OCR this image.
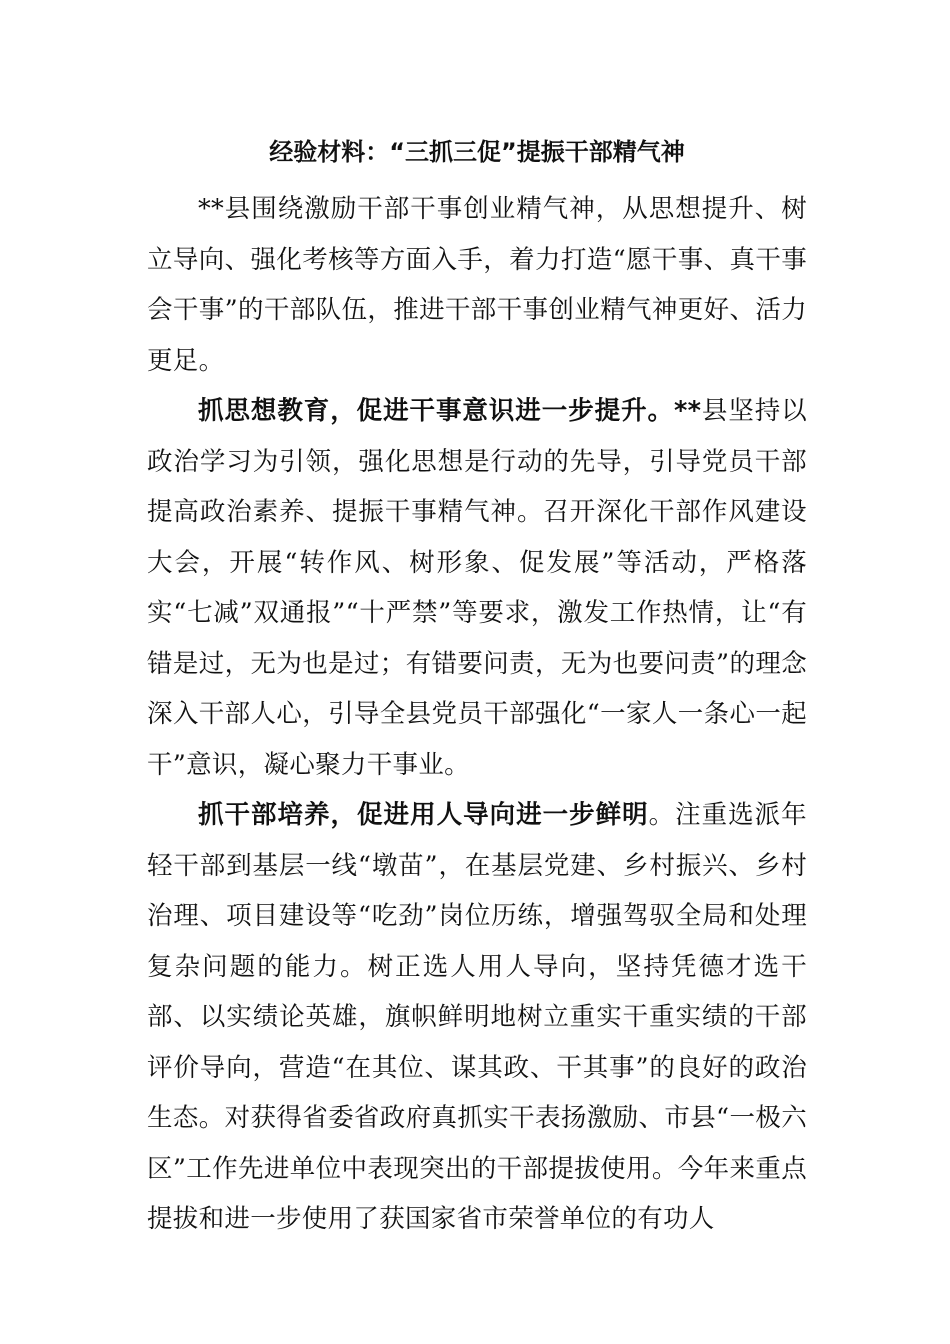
经验材料：“三抓三促”提振干部精气神

**县围绕激励干部干事创业精气神，从思想提升、树立导向、强化考核等方面入手，着力打造“愿干事、真干事会干事”的干部队伍，推进干部干事创业精气神更好、活力更足。

抓思想教育，促进干事意识进一步提升。**县坚持以政治学习为引领，强化思想是行动的先导，引导党员干部提高政治素养、提振干事精气神。召开深化干部作风建设大会，开展“转作风、树形象、促发展”等活动，严格落实“七减”双通报”“十严禁”等要求，激发工作热情，让“有错是过，无为也是过；有错要问责，无为也要问责”的理念深入干部人心，引导全县党员干部强化“一家人一条心一起干”意识，凝心聚力干事业。

抓干部培养，促进用人导向进一步鲜明。注重选派年轻干部到基层一线“墩苗”，在基层党建、乡村振兴、乡村治理、项目建设等“吃劲”岗位历练，增强驾驭全局和处理复杂问题的能力。树正选人用人导向，坚持凭德才选干部、以实绩论英雄，旗帜鲜明地树立重实干重实绩的干部评价导向，营造“在其位、谋其政、干其事”的良好的政治生态。对获得省委省政府真抓实干表扬激励、市县“一极六区”工作先进单位中表现突出的干部提拔使用。今年来重点提拔和进一步使用了获国家省市荣誉单位的有功人
